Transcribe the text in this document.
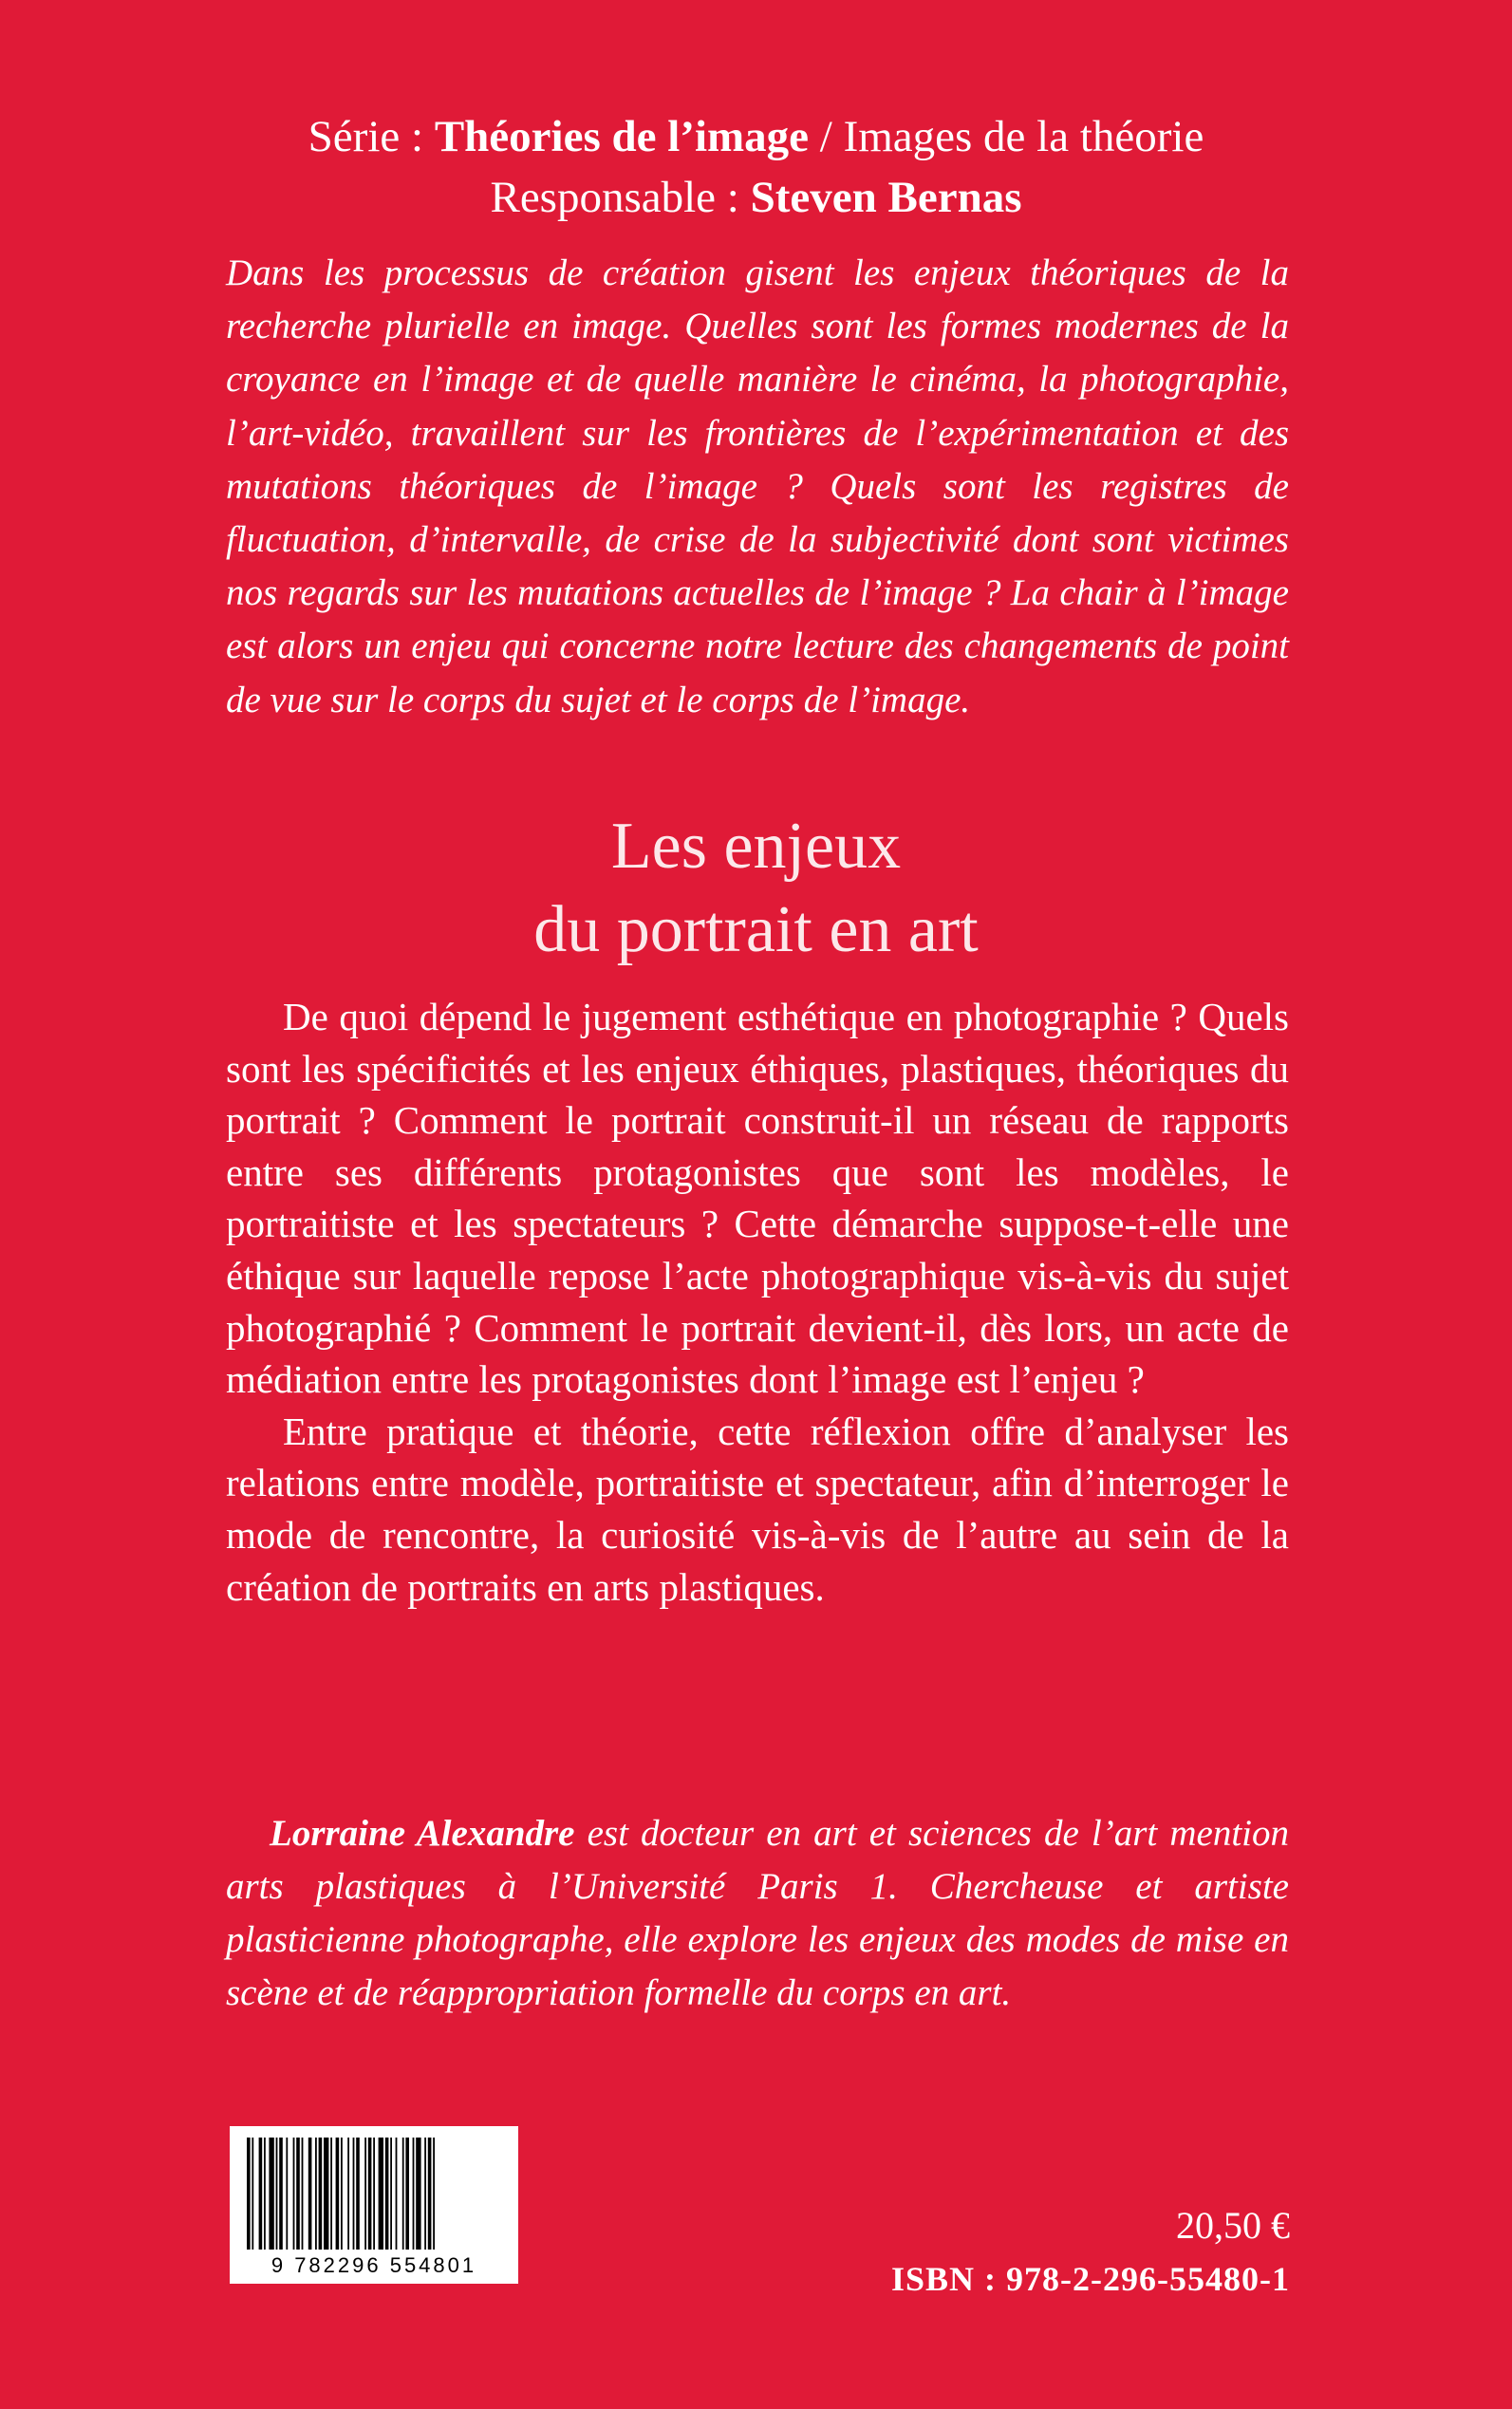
Série : Théories de l’image / Images de la théorie
Responsable : Steven Bernas

Dans les processus de création gisent les enjeux théoriques de la recherche plurielle en image. Quelles sont les formes modernes de la croyance en l’image et de quelle manière le cinéma, la photographie, l’art-vidéo, travaillent sur les frontières de l’expérimentation et des mutations théoriques de l’image ? Quels sont les registres de fluctuation, d’intervalle, de crise de la subjectivité dont sont victimes nos regards sur les mutations actuelles de l’image ? La chair à l’image est alors un enjeu qui concerne notre lecture des changements de point de vue sur le corps du sujet et le corps de l’image.

Les enjeux
du portrait en art

De quoi dépend le jugement esthétique en photographie ? Quels sont les spécificités et les enjeux éthiques, plastiques, théoriques du portrait ? Comment le portrait construit-il un réseau de rapports entre ses différents protagonistes que sont les modèles, le portraitiste et les spectateurs ? Cette démarche suppose-t-elle une éthique sur laquelle repose l’acte photographique vis-à-vis du sujet photographié ? Comment le portrait devient-il, dès lors, un acte de médiation entre les protagonistes dont l’image est l’enjeu ?

Entre pratique et théorie, cette réflexion offre d’analyser les relations entre modèle, portraitiste et spectateur, afin d’interroger le mode de rencontre, la curiosité vis-à-vis de l’autre au sein de la création de portraits en arts plastiques.

Lorraine Alexandre est docteur en art et sciences de l’art mention arts plastiques à l’Université Paris 1. Chercheuse et artiste plasticienne photographe, elle explore les enjeux des modes de mise en scène et de réappropriation formelle du corps en art.

9 782296 554801
20,50 €
ISBN : 978-2-296-55480-1
